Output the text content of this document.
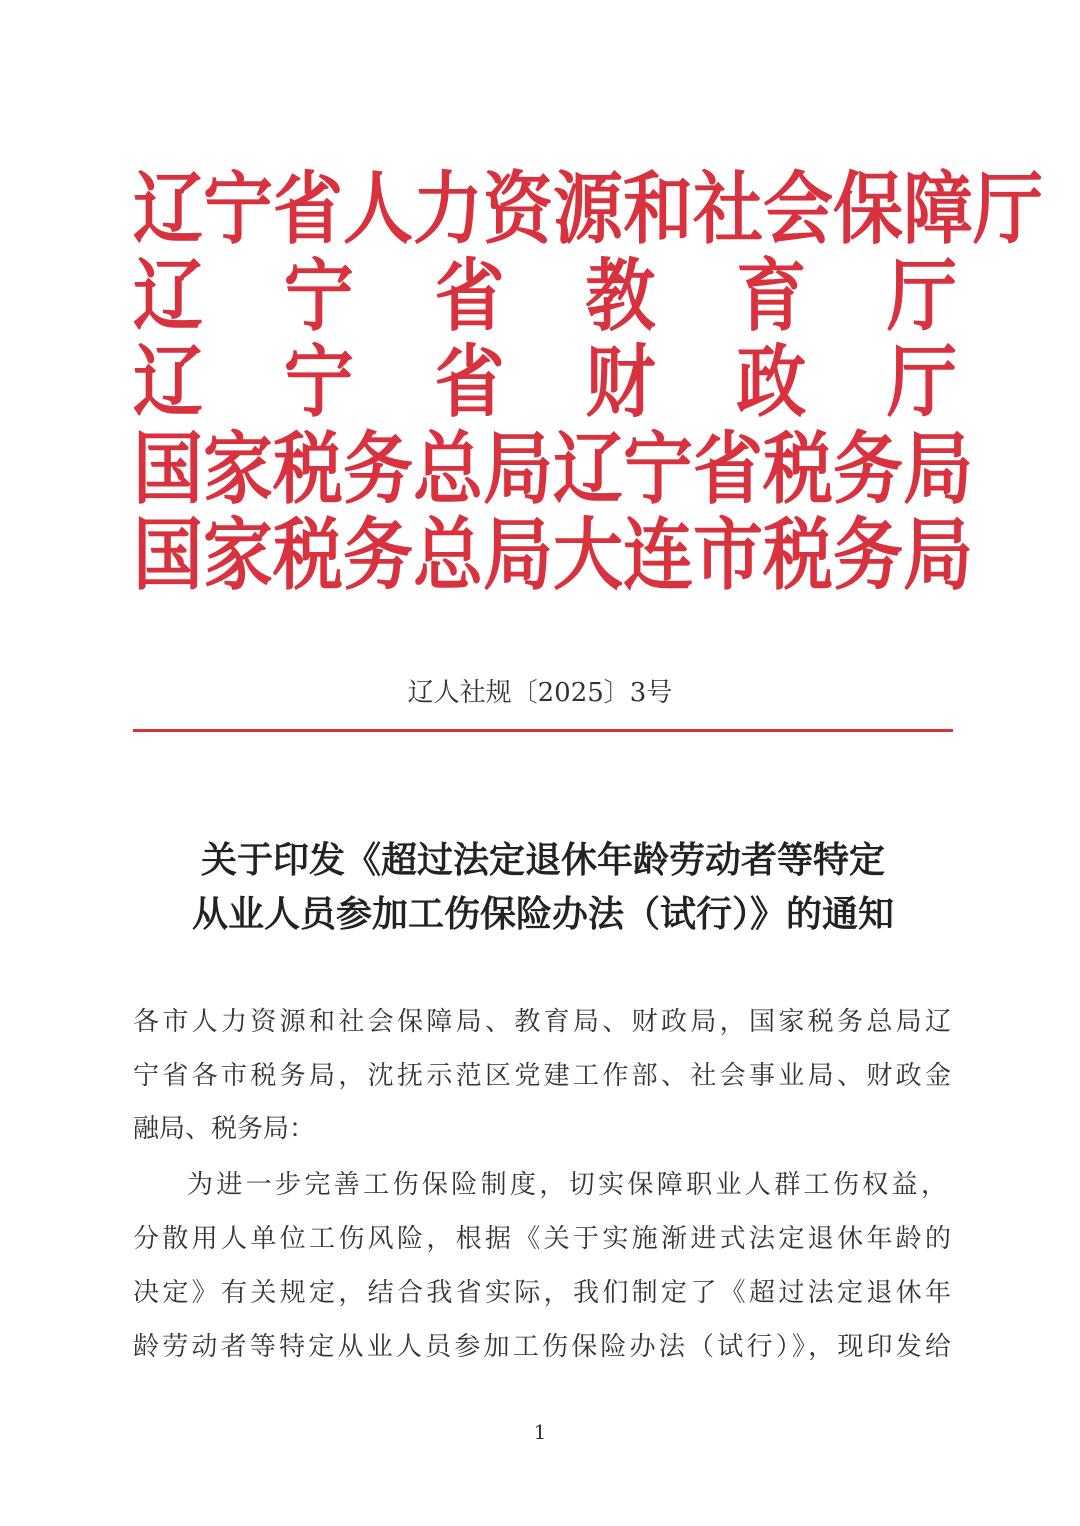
辽宁省人力资源和社会保障厅
辽宁省教育厅
辽宁省财政厅
国家税务总局辽宁省税务局
国家税务总局大连市税务局
辽人社规〔2025〕3号
关于印发《超过法定退休年龄劳动者等特定
从业人员参加工伤保险办法（试行）》的通知
各市人力资源和社会保障局、教育局、财政局，国家税务总局辽
宁省各市税务局，沈抚示范区党建工作部、社会事业局、财政金
融局、税务局：
为进一步完善工伤保险制度，切实保障职业人群工伤权益，
分散用人单位工伤风险，根据《关于实施渐进式法定退休年龄的
决定》有关规定，结合我省实际，我们制定了《超过法定退休年
龄劳动者等特定从业人员参加工伤保险办法（试行）》，现印发给
1
